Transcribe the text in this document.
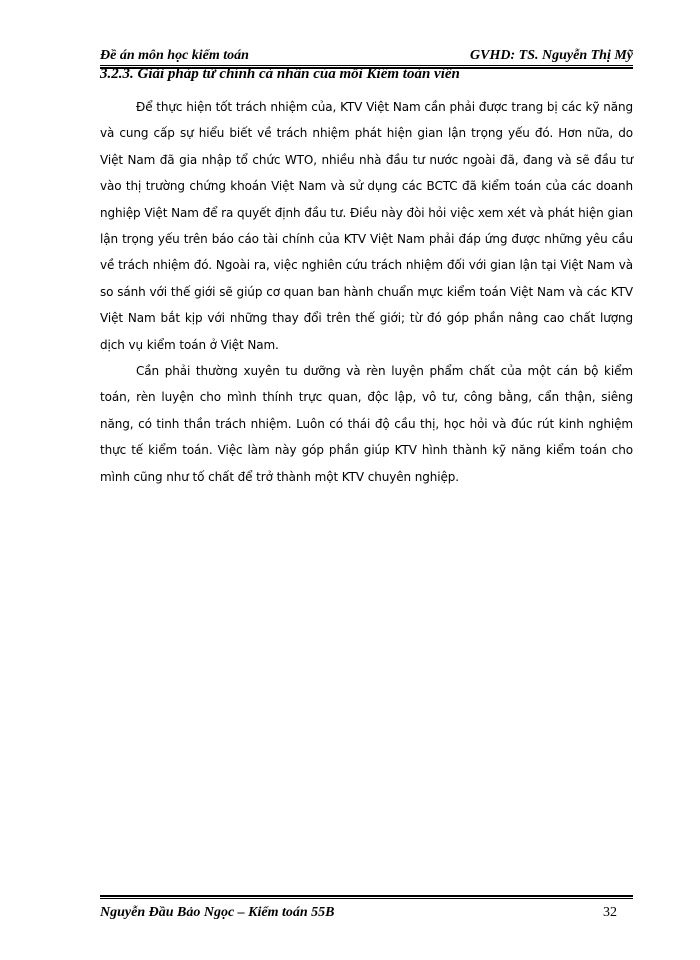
Đề án môn học kiểm toán	GVHD: TS. Nguyễn Thị Mỹ
3.2.3. Giải pháp từ chính cá nhân của mỗi Kiểm toán viên

Để thực hiện tốt trách nhiệm của, KTV Việt Nam cần phải được trang bị các kỹ năng và cung cấp sự hiểu biết về trách nhiệm phát hiện gian lận trọng yếu đó. Hơn nữa, do Việt Nam đã gia nhập tổ chức WTO, nhiều nhà đầu tư nước ngoài đã, đang và sẽ đầu tư vào thị trường chứng khoán Việt Nam và sử dụng các BCTC đã kiểm toán của các doanh nghiệp Việt Nam để ra quyết định đầu tư. Điều này đòi hỏi việc xem xét và phát hiện gian lận trọng yếu trên báo cáo tài chính của KTV Việt Nam phải đáp ứng được những yêu cầu về trách nhiệm đó. Ngoài ra, việc nghiên cứu trách nhiệm đối với gian lận tại Việt Nam và so sánh với thế giới sẽ giúp cơ quan ban hành chuẩn mực kiểm toán Việt Nam và các KTV Việt Nam bắt kịp với những thay đổi trên thế giới; từ đó góp phần nâng cao chất lượng dịch vụ kiểm toán ở Việt Nam.

Cần phải thường xuyên tu dưỡng và rèn luyện phẩm chất của một cán bộ kiểm toán, rèn luyện cho mình thính trực quan, độc lập, vô tư, công bằng, cẩn thận, siêng năng, có tinh thần trách nhiệm. Luôn có thái độ cầu thị, học hỏi và đúc rút kinh nghiệm thực tế kiểm toán. Việc làm này góp phần giúp KTV hình thành kỹ năng kiểm toán cho mình cũng như tố chất để trở thành một KTV chuyên nghiệp.

Nguyễn Đầu Bảo Ngọc – Kiểm toán 55B	32
